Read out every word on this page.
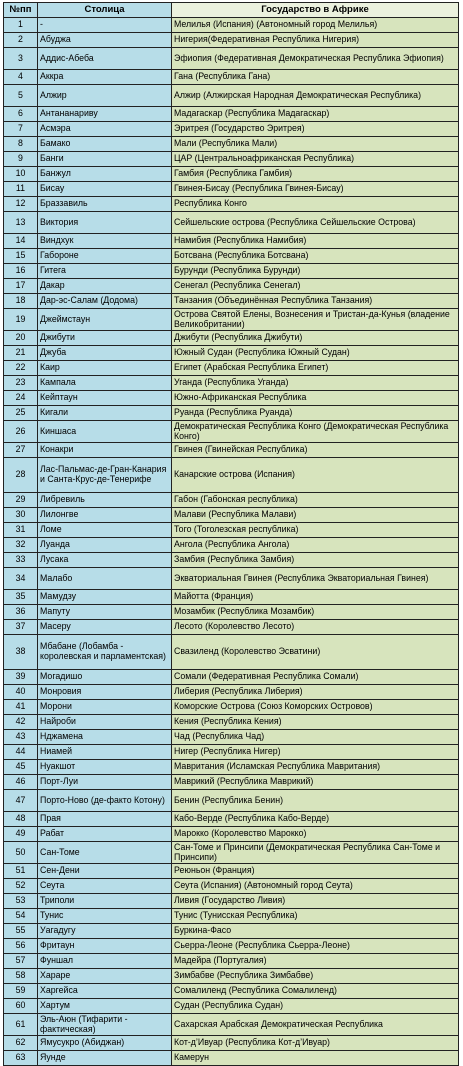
№пп	Столица	Государство в Африке
1	-	Мелилья (Испания) (Автономный город Мелилья)
2	Абуджа	Нигерия(Федеративная Республика Нигерия)
3	Аддис-Абеба	Эфиопия (Федеративная Демократическая Республика Эфиопия)
4	Аккра	Гана (Республика Гана)
5	Алжир	Алжир (Алжирская Народная Демократическая Республика)
6	Антананариву	Мадагаскар (Республика Мадагаскар)
7	Асмэра	Эритрея (Государство Эритрея)
8	Бамако	Мали (Республика Мали)
9	Банги	ЦАР (Центральноафриканская Республика)
10	Банжул	Гамбия (Республика Гамбия)
11	Бисау	Гвинея-Бисау (Республика Гвинея-Бисау)
12	Браззавиль	Республика Конго
13	Виктория	Сейшельские острова (Республика Сейшельские Острова)
14	Виндхук	Намибия (Республика Намибия)
15	Габороне	Ботсвана (Республика Ботсвана)
16	Гитега	Бурунди (Республика Бурунди)
17	Дакар	Сенегал (Республика Сенегал)
18	Дар-эс-Салам (Додома)	Танзания (Объединённая Республика Танзания)
19	Джеймстаун	Острова Святой Елены, Вознесения и Тристан-да-Кунья (владение Великобритании)
20	Джибути	Джибути (Республика Джибути)
21	Джуба	Южный Судан (Республика Южный Судан)
22	Каир	Египет (Арабская Республика Египет)
23	Кампала	Уганда (Республика Уганда)
24	Кейптаун	Южно-Африканская Республика
25	Кигали	Руанда (Республика Руанда)
26	Киншаса	Демократическая Республика Конго (Демократическая Республика Конго)
27	Конакри	Гвинея (Гвинейская Республика)
28	Лас-Пальмас-де-Гран-Канария и Санта-Крус-де-Тенерифе	Канарские острова (Испания)
29	Либревиль	Габон (Габонская республика)
30	Лилонгве	Малави (Республика Малави)
31	Ломе	Того (Тоголезская республика)
32	Луанда	Ангола (Республика Ангола)
33	Лусака	Замбия (Республика Замбия)
34	Малабо	Экваториальная Гвинея (Республика Экваториальная Гвинея)
35	Мамудзу	Майотта (Франция)
36	Мапуту	Мозамбик (Республика Мозамбик)
37	Масеру	Лесото (Королевство Лесото)
38	Мбабане (Лобамба - королевская и парламентская)	Свазиленд (Королевство Эсватини)
39	Могадишо	Сомали (Федеративная Республика Сомали)
40	Монровия	Либерия (Республика Либерия)
41	Морони	Коморские Острова (Союз Коморских Островов)
42	Найроби	Кения (Республика Кения)
43	Нджамена	Чад (Республика Чад)
44	Ниамей	Нигер (Республика Нигер)
45	Нуакшот	Мавритания (Исламская Республика Мавритания)
46	Порт-Луи	Маврикий (Республика Маврикий)
47	Порто-Ново (де-факто Котону)	Бенин (Республика Бенин)
48	Прая	Кабо-Верде (Республика Кабо-Верде)
49	Рабат	Марокко (Королевство Марокко)
50	Сан-Томе	Сан-Томе и Принсипи (Демократическая Республика Сан-Томе и Принсипи)
51	Сен-Дени	Реюньон (Франция)
52	Сеута	Сеута (Испания) (Автономный город Сеута)
53	Триполи	Ливия (Государство Ливия)
54	Тунис	Тунис (Тунисская Республика)
55	Уагадугу	Буркина-Фасо
56	Фритаун	Сьерра-Леоне (Республика Сьерра-Леоне)
57	Фуншал	Мадейра (Португалия)
58	Хараре	Зимбабве (Республика Зимбабве)
59	Харгейса	Сомалиленд (Республика Сомалиленд)
60	Хартум	Судан (Республика Судан)
61	Эль-Аюн (Тифарити - фактическая)	Сахарская Арабская Демократическая Республика
62	Ямусукро (Абиджан)	Кот-д’Ивуар (Республика Кот-д’Ивуар)
63	Яунде	Камерун
